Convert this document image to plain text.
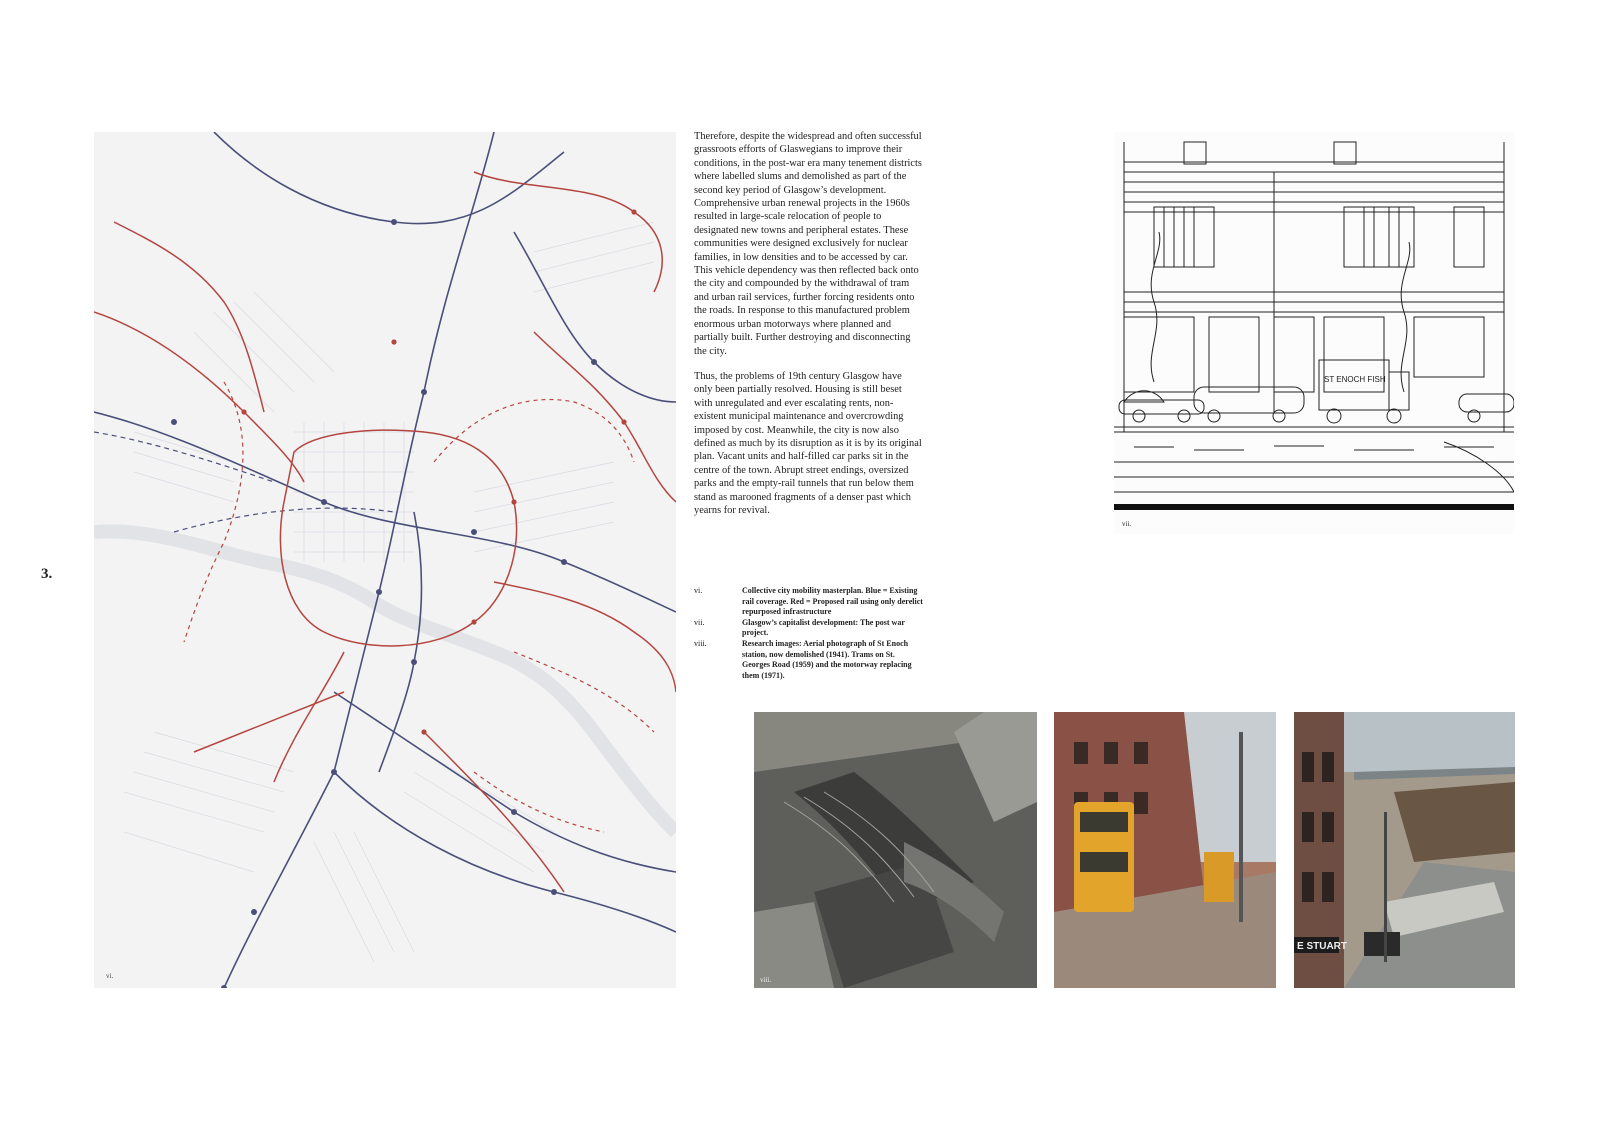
3.
vi.

Therefore, despite the widespread and often successful grassroots efforts of Glaswegians to improve their conditions, in the post-war era many tenement districts where labelled slums and demolished as part of the second key period of Glasgow’s development. Comprehensive urban renewal projects in the 1960s resulted in large-scale relocation of people to designated new towns and peripheral estates. These communities were designed exclusively for nuclear families, in low densities and to be accessed by car. This vehicle dependency was then reflected back onto the city and compounded by the withdrawal of tram and urban rail services, further forcing residents onto the roads. In response to this manufactured problem enormous urban motorways where planned and partially built. Further destroying and disconnecting the city.

Thus, the problems of 19th century Glasgow have only been partially resolved. Housing is still beset with unregulated and ever escalating rents, non-existent municipal maintenance and overcrowding imposed by cost. Meanwhile, the city is now also defined as much by its disruption as it is by its original plan. Vacant units and half-filled car parks sit in the centre of the town. Abrupt street endings, oversized parks and the empty-rail tunnels that run below them stand as marooned fragments of a denser past which yearns for revival.

vi.	Collective city mobility masterplan. Blue = Existing rail coverage. Red = Proposed rail using only derelict repurposed infrastructure
vii.	Glasgow’s capitalist development: The post war project.
viii.	Research images: Aerial photograph of St Enoch station, now demolished (1941). Trams on St. Georges Road (1959) and the motorway replacing them (1971).
ST ENOCH FISH
vii.
viii.
E STUART
